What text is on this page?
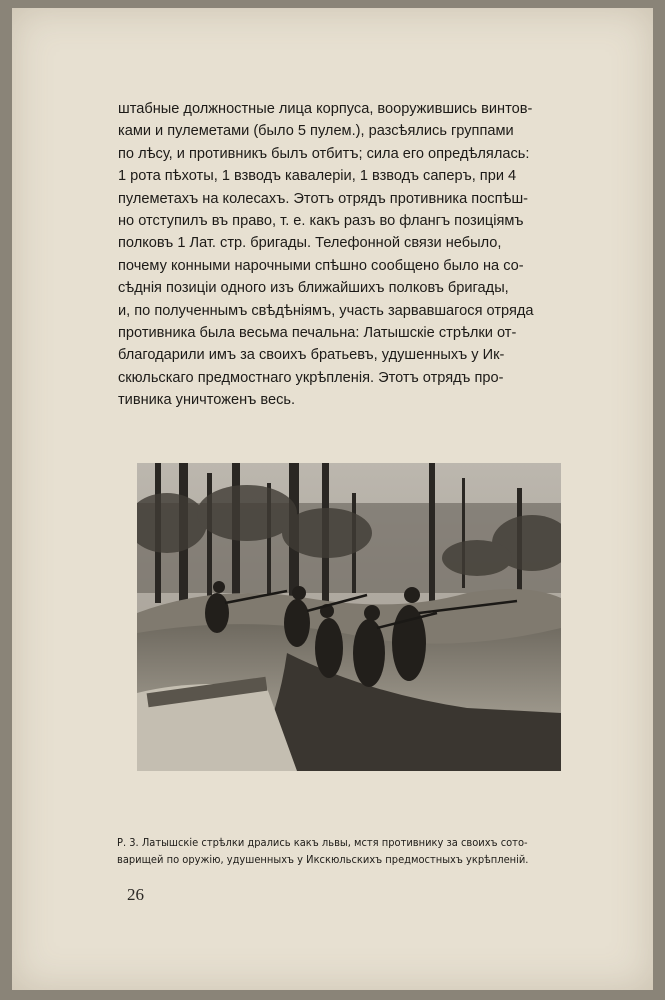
штабные должностные лица корпуса, вооружившись винтов-
ками и пулеметами (было 5 пулем.), разсѣялись группами
по лѣсу, и противникъ былъ отбитъ; сила его опредѣлялась:
1 рота пѣхоты, 1 взводъ кавалеріи, 1 взводъ саперъ, при 4
пулеметахъ на колесахъ. Этотъ отрядъ противника поспѣш-
но отступилъ въ право, т. е. какъ разъ во флангъ позиціямъ
полковъ 1 Лат. стр. бригады. Телефонной связи небыло,
почему конными нарочными спѣшно сообщено было на со-
сѣднія позиціи одного изъ ближайшихъ полковъ бригады,
и, по полученнымъ свѣдѣніямъ, участь зарвавшагося отряда
противника была весьма печальна: Латышскіе стрѣлки от-
благодарили имъ за своихъ братьевъ, удушенныхъ у Ик-
скюльскаго предмостнаго укрѣпленія. Этотъ отрядъ про-
тивника уничтоженъ весь.
Р. 3. Латышскіе стрѣлки дрались какъ львы, мстя противнику за своихъ сото-
варищей по оружію, удушенныхъ у Икскюльскихъ предмостныхъ укрѣпленій.
26
